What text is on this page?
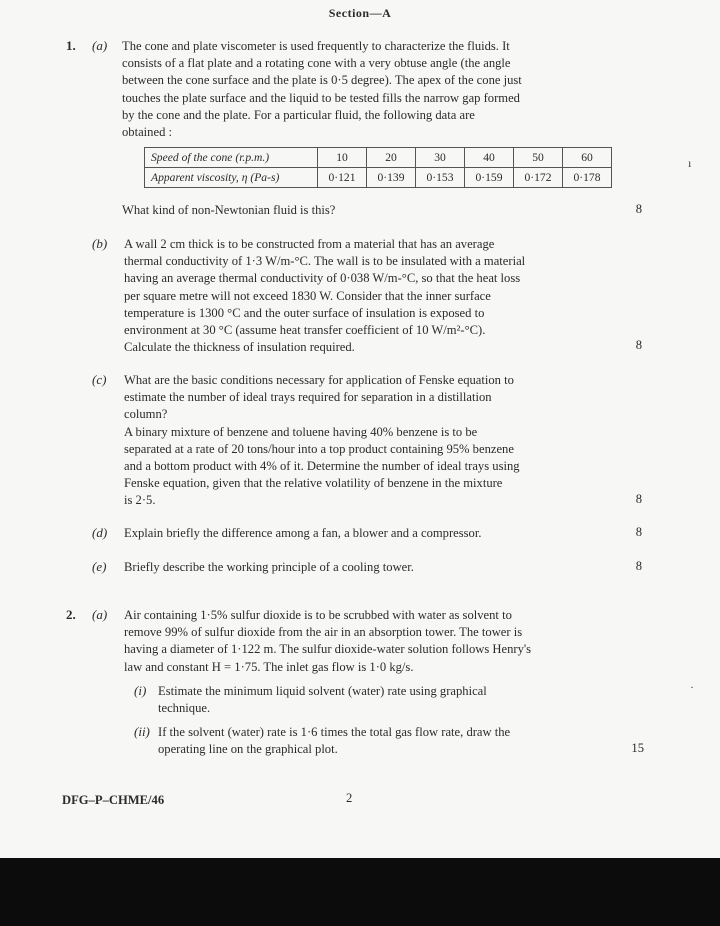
Section—A
1. (a) The cone and plate viscometer is used frequently to characterize the fluids. It
consists of a flat plate and a rotating cone with a very obtuse angle (the angle
between the cone surface and the plate is 0·5 degree). The apex of the cone just
touches the plate surface and the liquid to be tested fills the narrow gap formed
by the cone and the plate. For a particular fluid, the following data are
obtained :
Speed of the cone (r.p.m.)	10	20	30	40	50	60
Apparent viscosity, η (Pa-s)	0·121	0·139	0·153	0·159	0·172	0·178
What kind of non-Newtonian fluid is this?	8
(b) A wall 2 cm thick is to be constructed from a material that has an average
thermal conductivity of 1·3 W/m-°C. The wall is to be insulated with a material
having an average thermal conductivity of 0·038 W/m-°C, so that the heat loss
per square metre will not exceed 1830 W. Consider that the inner surface
temperature is 1300 °C and the outer surface of insulation is exposed to
environment at 30 °C (assume heat transfer coefficient of 10 W/m²-°C).
Calculate the thickness of insulation required.	8
(c) What are the basic conditions necessary for application of Fenske equation to
estimate the number of ideal trays required for separation in a distillation
column?
A binary mixture of benzene and toluene having 40% benzene is to be
separated at a rate of 20 tons/hour into a top product containing 95% benzene
and a bottom product with 4% of it. Determine the number of ideal trays using
Fenske equation, given that the relative volatility of benzene in the mixture
is 2·5.	8
(d) Explain briefly the difference among a fan, a blower and a compressor.	8
(e) Briefly describe the working principle of a cooling tower.	8
2. (a) Air containing 1·5% sulfur dioxide is to be scrubbed with water as solvent to
remove 99% of sulfur dioxide from the air in an absorption tower. The tower is
having a diameter of 1·122 m. The sulfur dioxide-water solution follows Henry's
law and constant H = 1·75. The inlet gas flow is 1·0 kg/s.
(i) Estimate the minimum liquid solvent (water) rate using graphical
technique.
(ii) If the solvent (water) rate is 1·6 times the total gas flow rate, draw the
operating line on the graphical plot.	15
DFG–P–CHME/46	2
ı
·
